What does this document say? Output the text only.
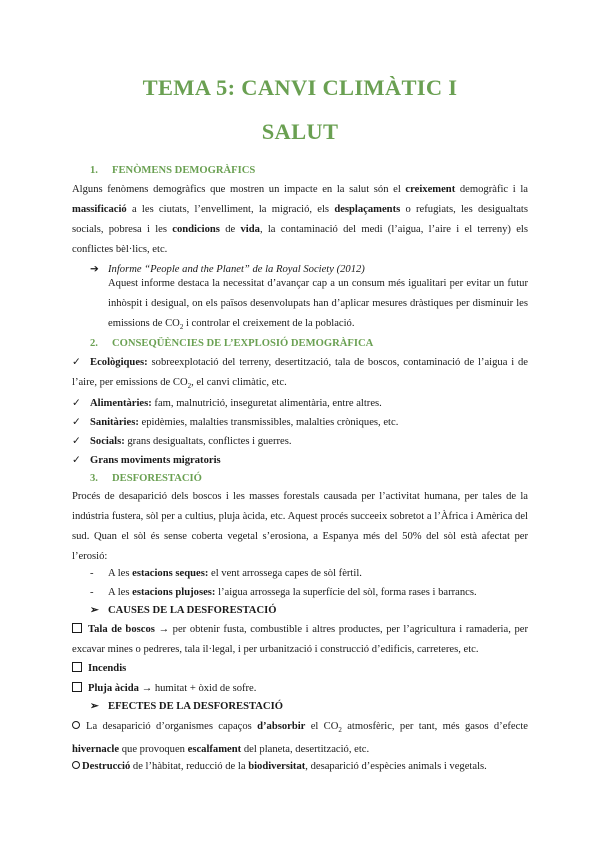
TEMA 5: CANVI CLIMÀTIC I
SALUT
1. FENÒMENS DEMOGRÀFICS
Alguns fenòmens demogràfics que mostren un impacte en la salut són el creixement demogràfic i la massificació a les ciutats, l’envelliment, la migració, els desplaçaments o refugiats, les desigualtats socials, pobresa i les condicions de vida, la contaminació del medi (l’aigua, l’aire i el terreny) els conflictes bèl·lics, etc.
➔ Informe “People and the Planet” de la Royal Society (2012)
Aquest informe destaca la necessitat d’avançar cap a un consum més igualitari per evitar un futur inhòspit i desigual, on els països desenvolupats han d’aplicar mesures dràstiques per disminuir les emissions de $CO_2$ i controlar el creixement de la població.
2. CONSEQÜÈNCIES DE L’EXPLOSIÓ DEMOGRÀFICA
✓ Ecològiques: sobreexplotació del terreny, desertització, tala de boscos, contaminació de l’aigua i de l’aire, per emissions de $CO_2$, el canvi climàtic, etc.
✓ Alimentàries: fam, malnutrició, inseguretat alimentària, entre altres.
✓ Sanitàries: epidèmies, malalties transmissibles, malalties cròniques, etc.
✓ Socials: grans desigualtats, conflictes i guerres.
✓ Grans moviments migratoris
3. DESFORESTACIÓ
Procés de desaparició dels boscos i les masses forestals causada per l’activitat humana, per tales de la indústria fustera, sòl per a cultius, pluja àcida, etc. Aquest procés succeeix sobretot a l’Àfrica i Amèrica del sud. Quan el sòl és sense coberta vegetal s’erosiona, a Espanya més del 50% del sòl està afectat per l’erosió:
- A les estacions seques: el vent arrossega capes de sòl fèrtil.
- A les estacions plujoses: l’aigua arrossega la superfície del sòl, forma rases i barrancs.
➢ CAUSES DE LA DESFORESTACIÓ
Tala de boscos → per obtenir fusta, combustible i altres productes, per l’agricultura i ramaderia, per excavar mines o pedreres, tala il·legal, i per urbanització i construcció d’edificis, carreteres, etc.
Incendis
Pluja àcida → humitat + òxid de sofre.
➢ EFECTES DE LA DESFORESTACIÓ
La desaparició d’organismes capaços d’absorbir el $CO_2$ atmosfèric, per tant, més gasos d’efecte hivernacle que provoquen escalfament del planeta, desertització, etc.
Destrucció de l’hàbitat, reducció de la biodiversitat, desaparició d’espècies animals i vegetals.
